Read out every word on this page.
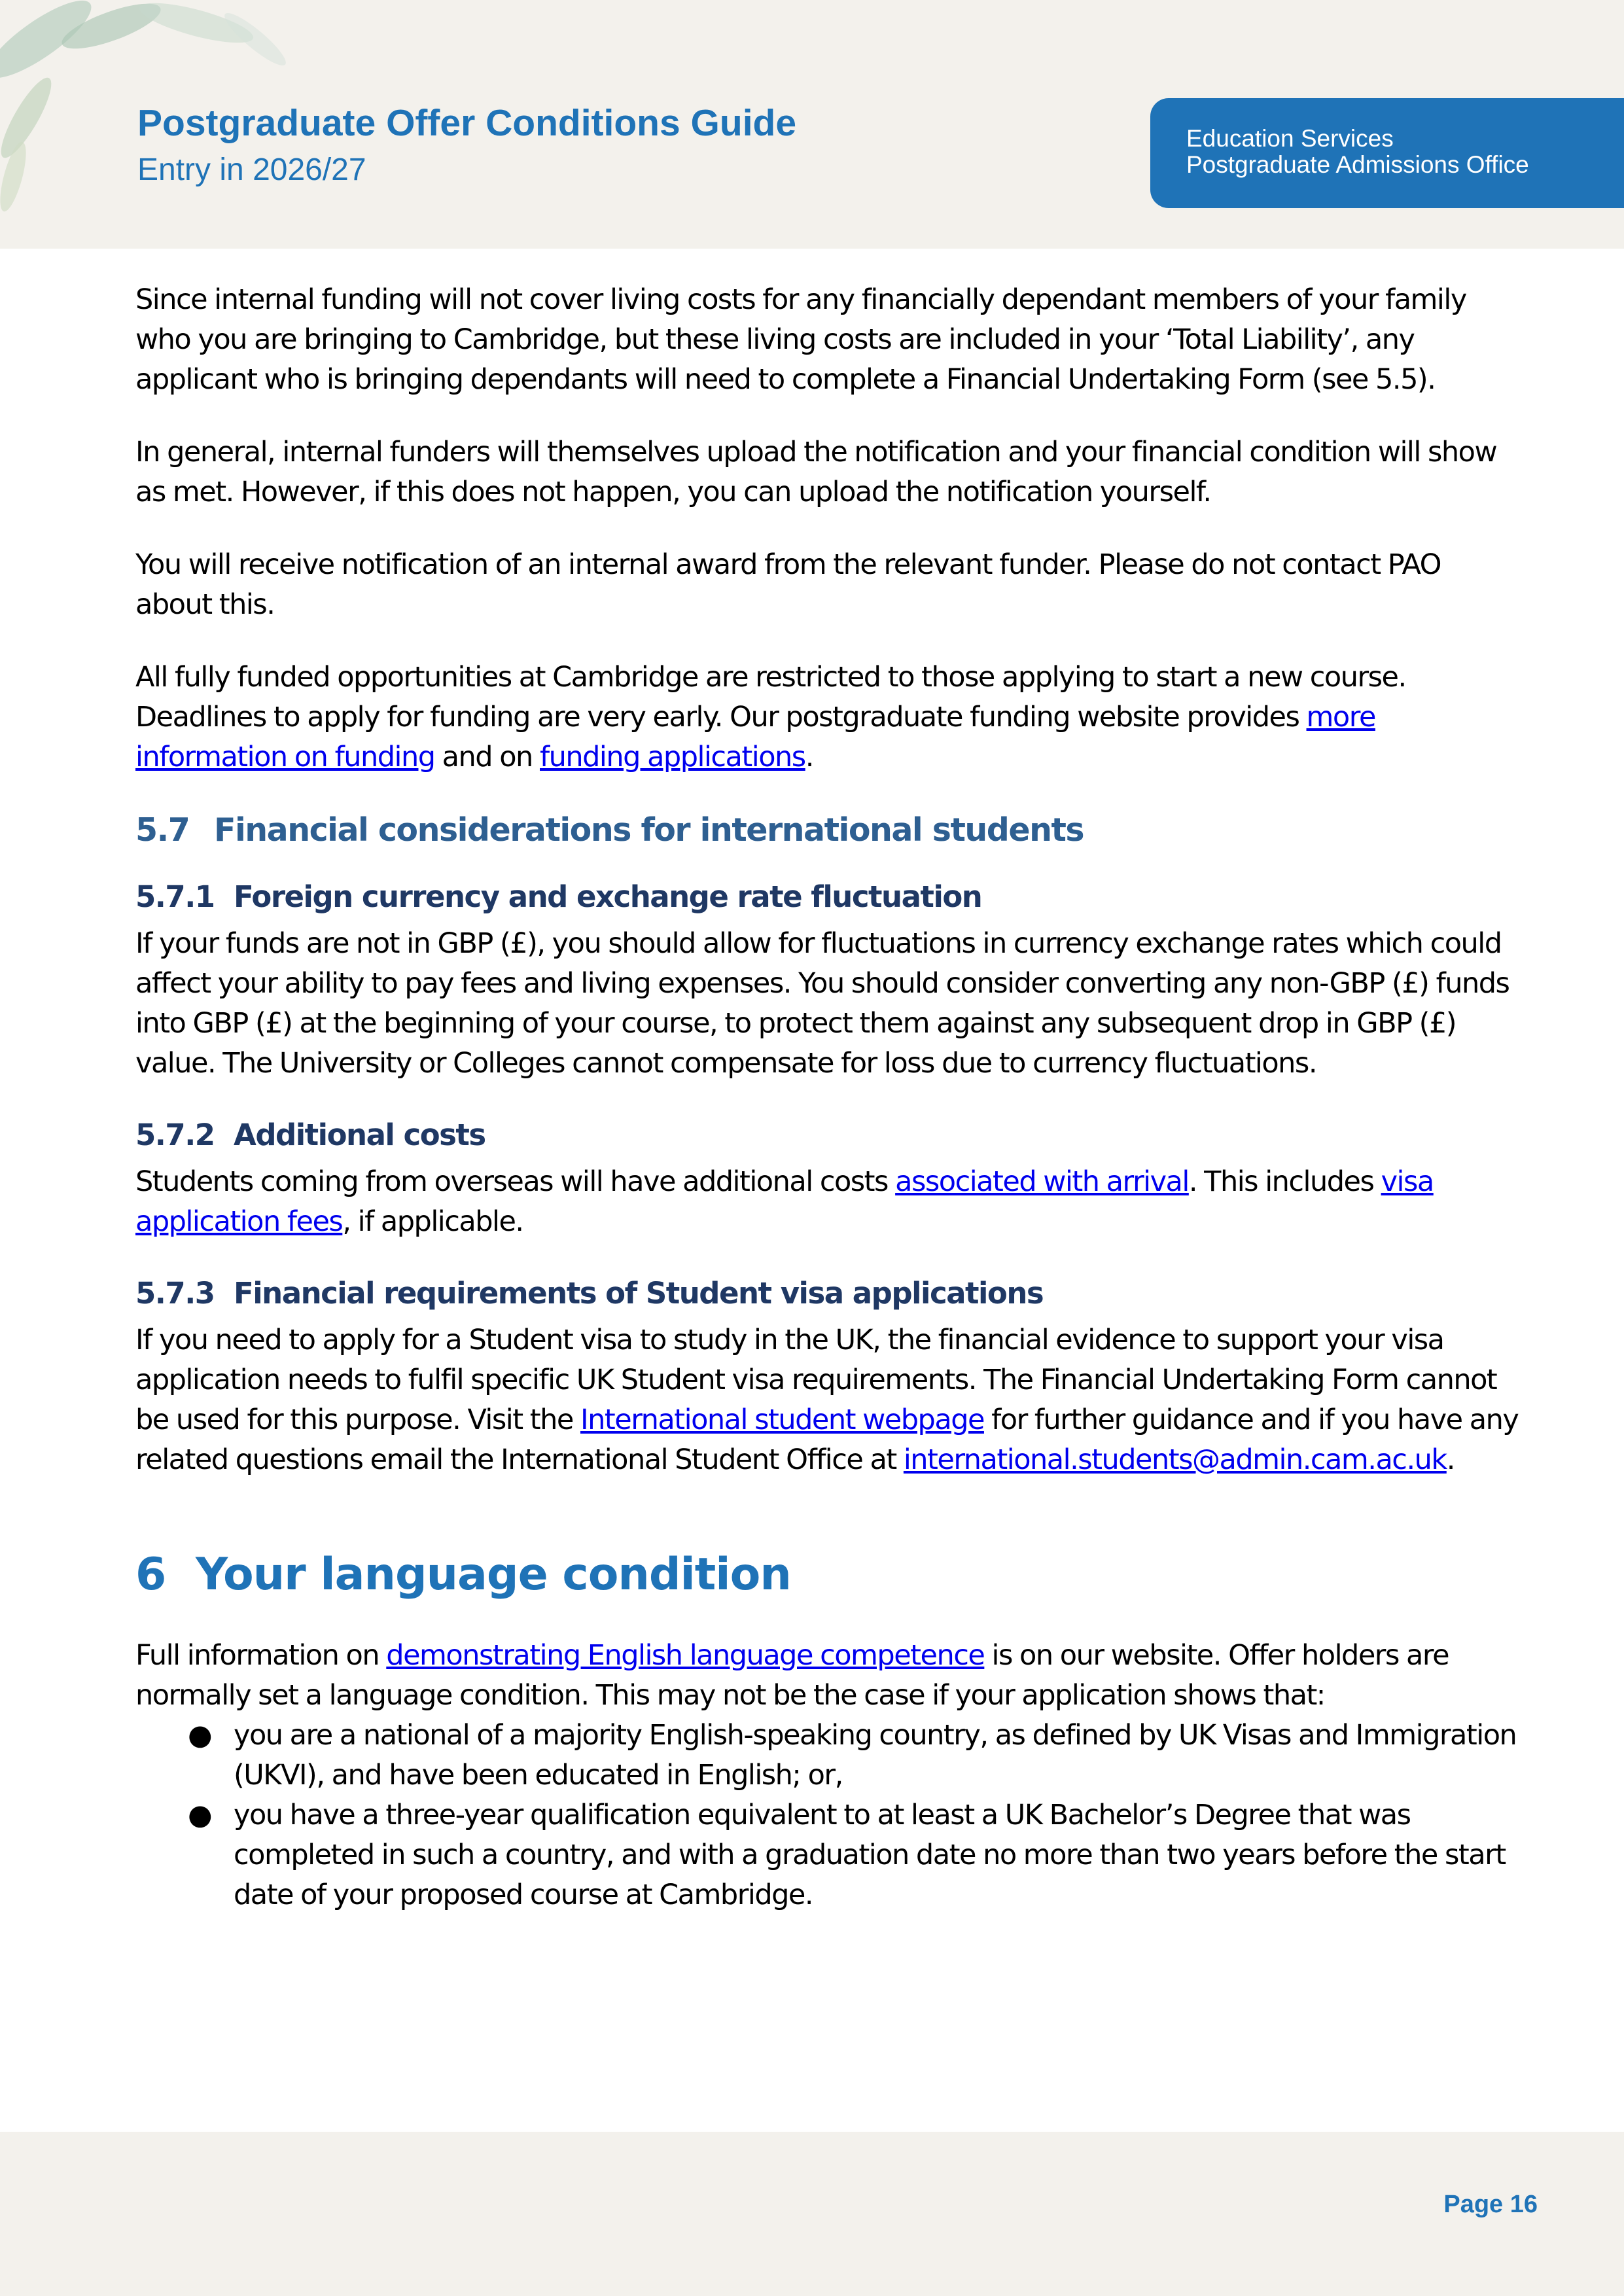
Postgraduate Offer Conditions Guide
Entry in 2026/27
Education Services
Postgraduate Admissions Office

Since internal funding will not cover living costs for any financially dependant members of your family who you are bringing to Cambridge, but these living costs are included in your ‘Total Liability’, any applicant who is bringing dependants will need to complete a Financial Undertaking Form (see 5.5).

In general, internal funders will themselves upload the notification and your financial condition will show as met. However, if this does not happen, you can upload the notification yourself.

You will receive notification of an internal award from the relevant funder. Please do not contact PAO about this.

All fully funded opportunities at Cambridge are restricted to those applying to start a new course. Deadlines to apply for funding are very early. Our postgraduate funding website provides more information on funding and on funding applications.

5.7 Financial considerations for international students
5.7.1 Foreign currency and exchange rate fluctuation

If your funds are not in GBP (£), you should allow for fluctuations in currency exchange rates which could affect your ability to pay fees and living expenses. You should consider converting any non-GBP (£) funds into GBP (£) at the beginning of your course, to protect them against any subsequent drop in GBP (£) value. The University or Colleges cannot compensate for loss due to currency fluctuations.

5.7.2 Additional costs

Students coming from overseas will have additional costs associated with arrival. This includes visa application fees, if applicable.

5.7.3 Financial requirements of Student visa applications

If you need to apply for a Student visa to study in the UK, the financial evidence to support your visa application needs to fulfil specific UK Student visa requirements. The Financial Undertaking Form cannot be used for this purpose. Visit the International student webpage for further guidance and if you have any related questions email the International Student Office at international.students@admin.cam.ac.uk.

6 Your language condition

Full information on demonstrating English language competence is on our website. Offer holders are normally set a language condition. This may not be the case if your application shows that:

● you are a national of a majority English-speaking country, as defined by UK Visas and Immigration (UKVI), and have been educated in English; or,
● you have a three-year qualification equivalent to at least a UK Bachelor’s Degree that was completed in such a country, and with a graduation date no more than two years before the start date of your proposed course at Cambridge.
Page 16
